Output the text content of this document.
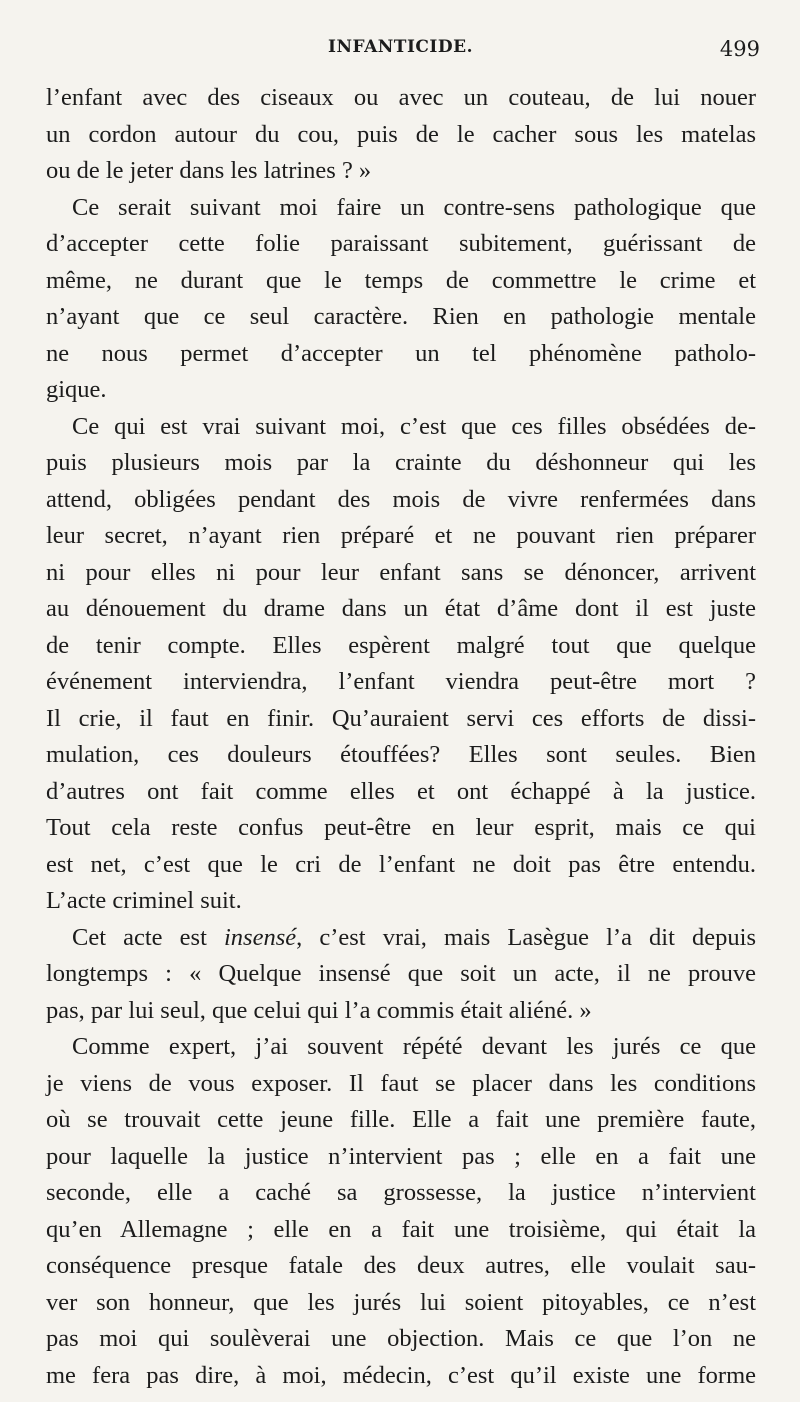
INFANTICIDE.	499

l’enfant avec des ciseaux ou avec un couteau, de lui nouer
un cordon autour du cou, puis de le cacher sous les matelas
ou de le jeter dans les latrines ? »

Ce serait suivant moi faire un contre-sens pathologique que
d’accepter cette folie paraissant subitement, guérissant de
même, ne durant que le temps de commettre le crime et
n’ayant que ce seul caractère. Rien en pathologie mentale
ne nous permet d’accepter un tel phénomène patholo-
gique.

Ce qui est vrai suivant moi, c’est que ces filles obsédées de-
puis plusieurs mois par la crainte du déshonneur qui les
attend, obligées pendant des mois de vivre renfermées dans
leur secret, n’ayant rien préparé et ne pouvant rien préparer
ni pour elles ni pour leur enfant sans se dénoncer, arrivent
au dénouement du drame dans un état d’âme dont il est juste
de tenir compte. Elles espèrent malgré tout que quelque
événement interviendra, l’enfant viendra peut-être mort ?
Il crie, il faut en finir. Qu’auraient servi ces efforts de dissi-
mulation, ces douleurs étouffées? Elles sont seules. Bien
d’autres ont fait comme elles et ont échappé à la justice.
Tout cela reste confus peut-être en leur esprit, mais ce qui
est net, c’est que le cri de l’enfant ne doit pas être entendu.
L’acte criminel suit.

Cet acte est insensé, c’est vrai, mais Lasègue l’a dit depuis
longtemps : « Quelque insensé que soit un acte, il ne prouve
pas, par lui seul, que celui qui l’a commis était aliéné. »

Comme expert, j’ai souvent répété devant les jurés ce que
je viens de vous exposer. Il faut se placer dans les conditions
où se trouvait cette jeune fille. Elle a fait une première faute,
pour laquelle la justice n’intervient pas ; elle en a fait une
seconde, elle a caché sa grossesse, la justice n’intervient
qu’en Allemagne ; elle en a fait une troisième, qui était la
conséquence presque fatale des deux autres, elle voulait sau-
ver son honneur, que les jurés lui soient pitoyables, ce n’est
pas moi qui soulèverai une objection. Mais ce que l’on ne
me fera pas dire, à moi, médecin, c’est qu’il existe une forme
